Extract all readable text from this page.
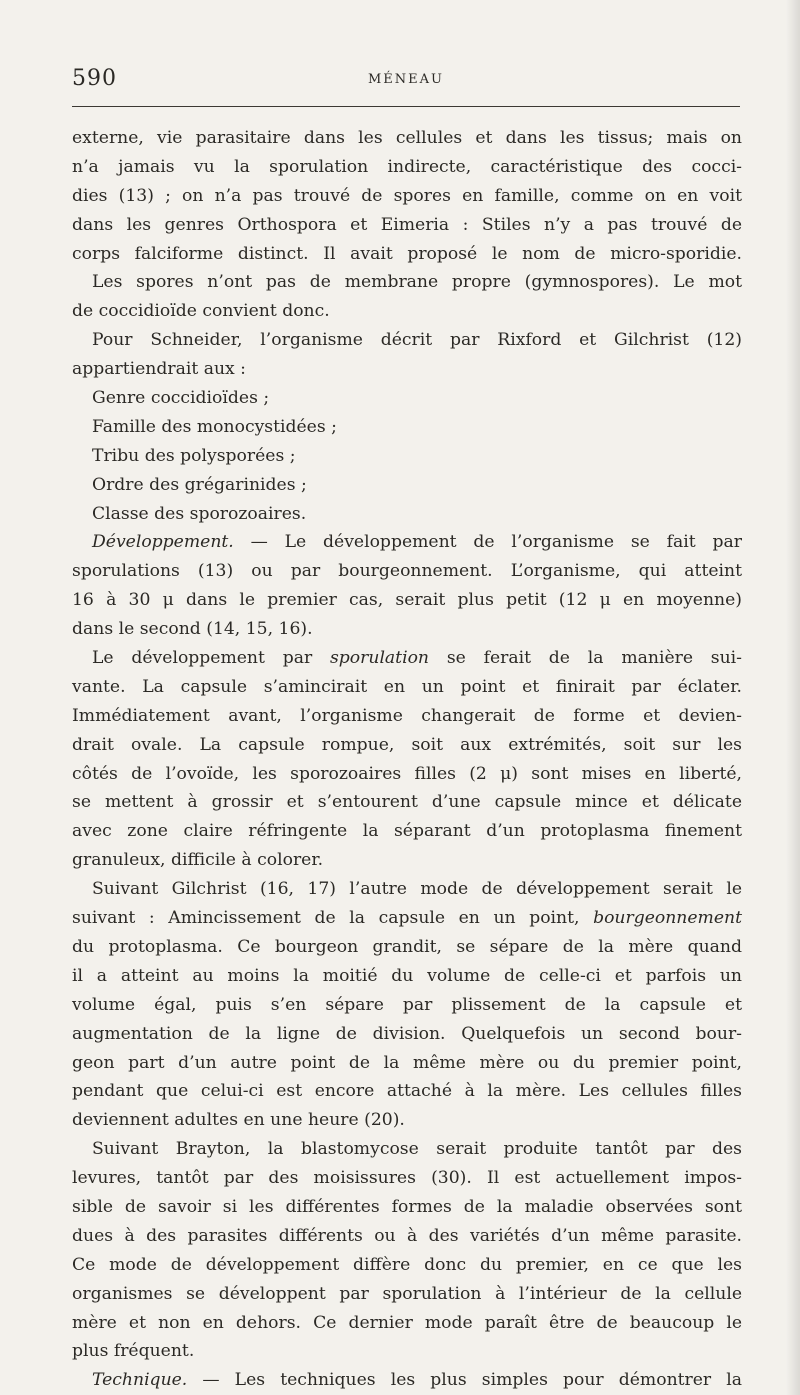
590	MÉNEAU
externe, vie parasitaire dans les cellules et dans les tissus; mais on
n’a jamais vu la sporulation indirecte, caractéristique des cocci-
dies (13) ; on n’a pas trouvé de spores en famille, comme on en voit
dans les genres Orthospora et Eimeria : Stiles n’y a pas trouvé de
corps falciforme distinct. Il avait proposé le nom de micro-sporidie.
Les spores n’ont pas de membrane propre (gymnospores). Le mot
de coccidioïde convient donc.
Pour Schneider, l’organisme décrit par Rixford et Gilchrist (12)
appartiendrait aux :
Genre coccidioïdes ;
Famille des monocystidées ;
Tribu des polysporées ;
Ordre des grégarinides ;
Classe des sporozoaires.
Développement. — Le développement de l’organisme se fait par
sporulations (13) ou par bourgeonnement. L’organisme, qui atteint
16 à 30 μ dans le premier cas, serait plus petit (12 μ en moyenne)
dans le second (14, 15, 16).
Le développement par sporulation se ferait de la manière sui-
vante. La capsule s’amincirait en un point et finirait par éclater.
Immédiatement avant, l’organisme changerait de forme et devien-
drait ovale. La capsule rompue, soit aux extrémités, soit sur les
côtés de l’ovoïde, les sporozoaires filles (2 μ) sont mises en liberté,
se mettent à grossir et s’entourent d’une capsule mince et délicate
avec zone claire réfringente la séparant d’un protoplasma finement
granuleux, difficile à colorer.
Suivant Gilchrist (16, 17) l’autre mode de développement serait le
suivant : Amincissement de la capsule en un point, bourgeonnement
du protoplasma. Ce bourgeon grandit, se sépare de la mère quand
il a atteint au moins la moitié du volume de celle-ci et parfois un
volume égal, puis s’en sépare par plissement de la capsule et
augmentation de la ligne de division. Quelquefois un second bour-
geon part d’un autre point de la même mère ou du premier point,
pendant que celui-ci est encore attaché à la mère. Les cellules filles
deviennent adultes en une heure (20).
Suivant Brayton, la blastomycose serait produite tantôt par des
levures, tantôt par des moisissures (30). Il est actuellement impos-
sible de savoir si les différentes formes de la maladie observées sont
dues à des parasites différents ou à des variétés d’un même parasite.
Ce mode de développement diffère donc du premier, en ce que les
organismes se développent par sporulation à l’intérieur de la cellule
mère et non en dehors. Ce dernier mode paraît être de beaucoup le
plus fréquent.
Technique. — Les techniques les plus simples pour démontrer la
